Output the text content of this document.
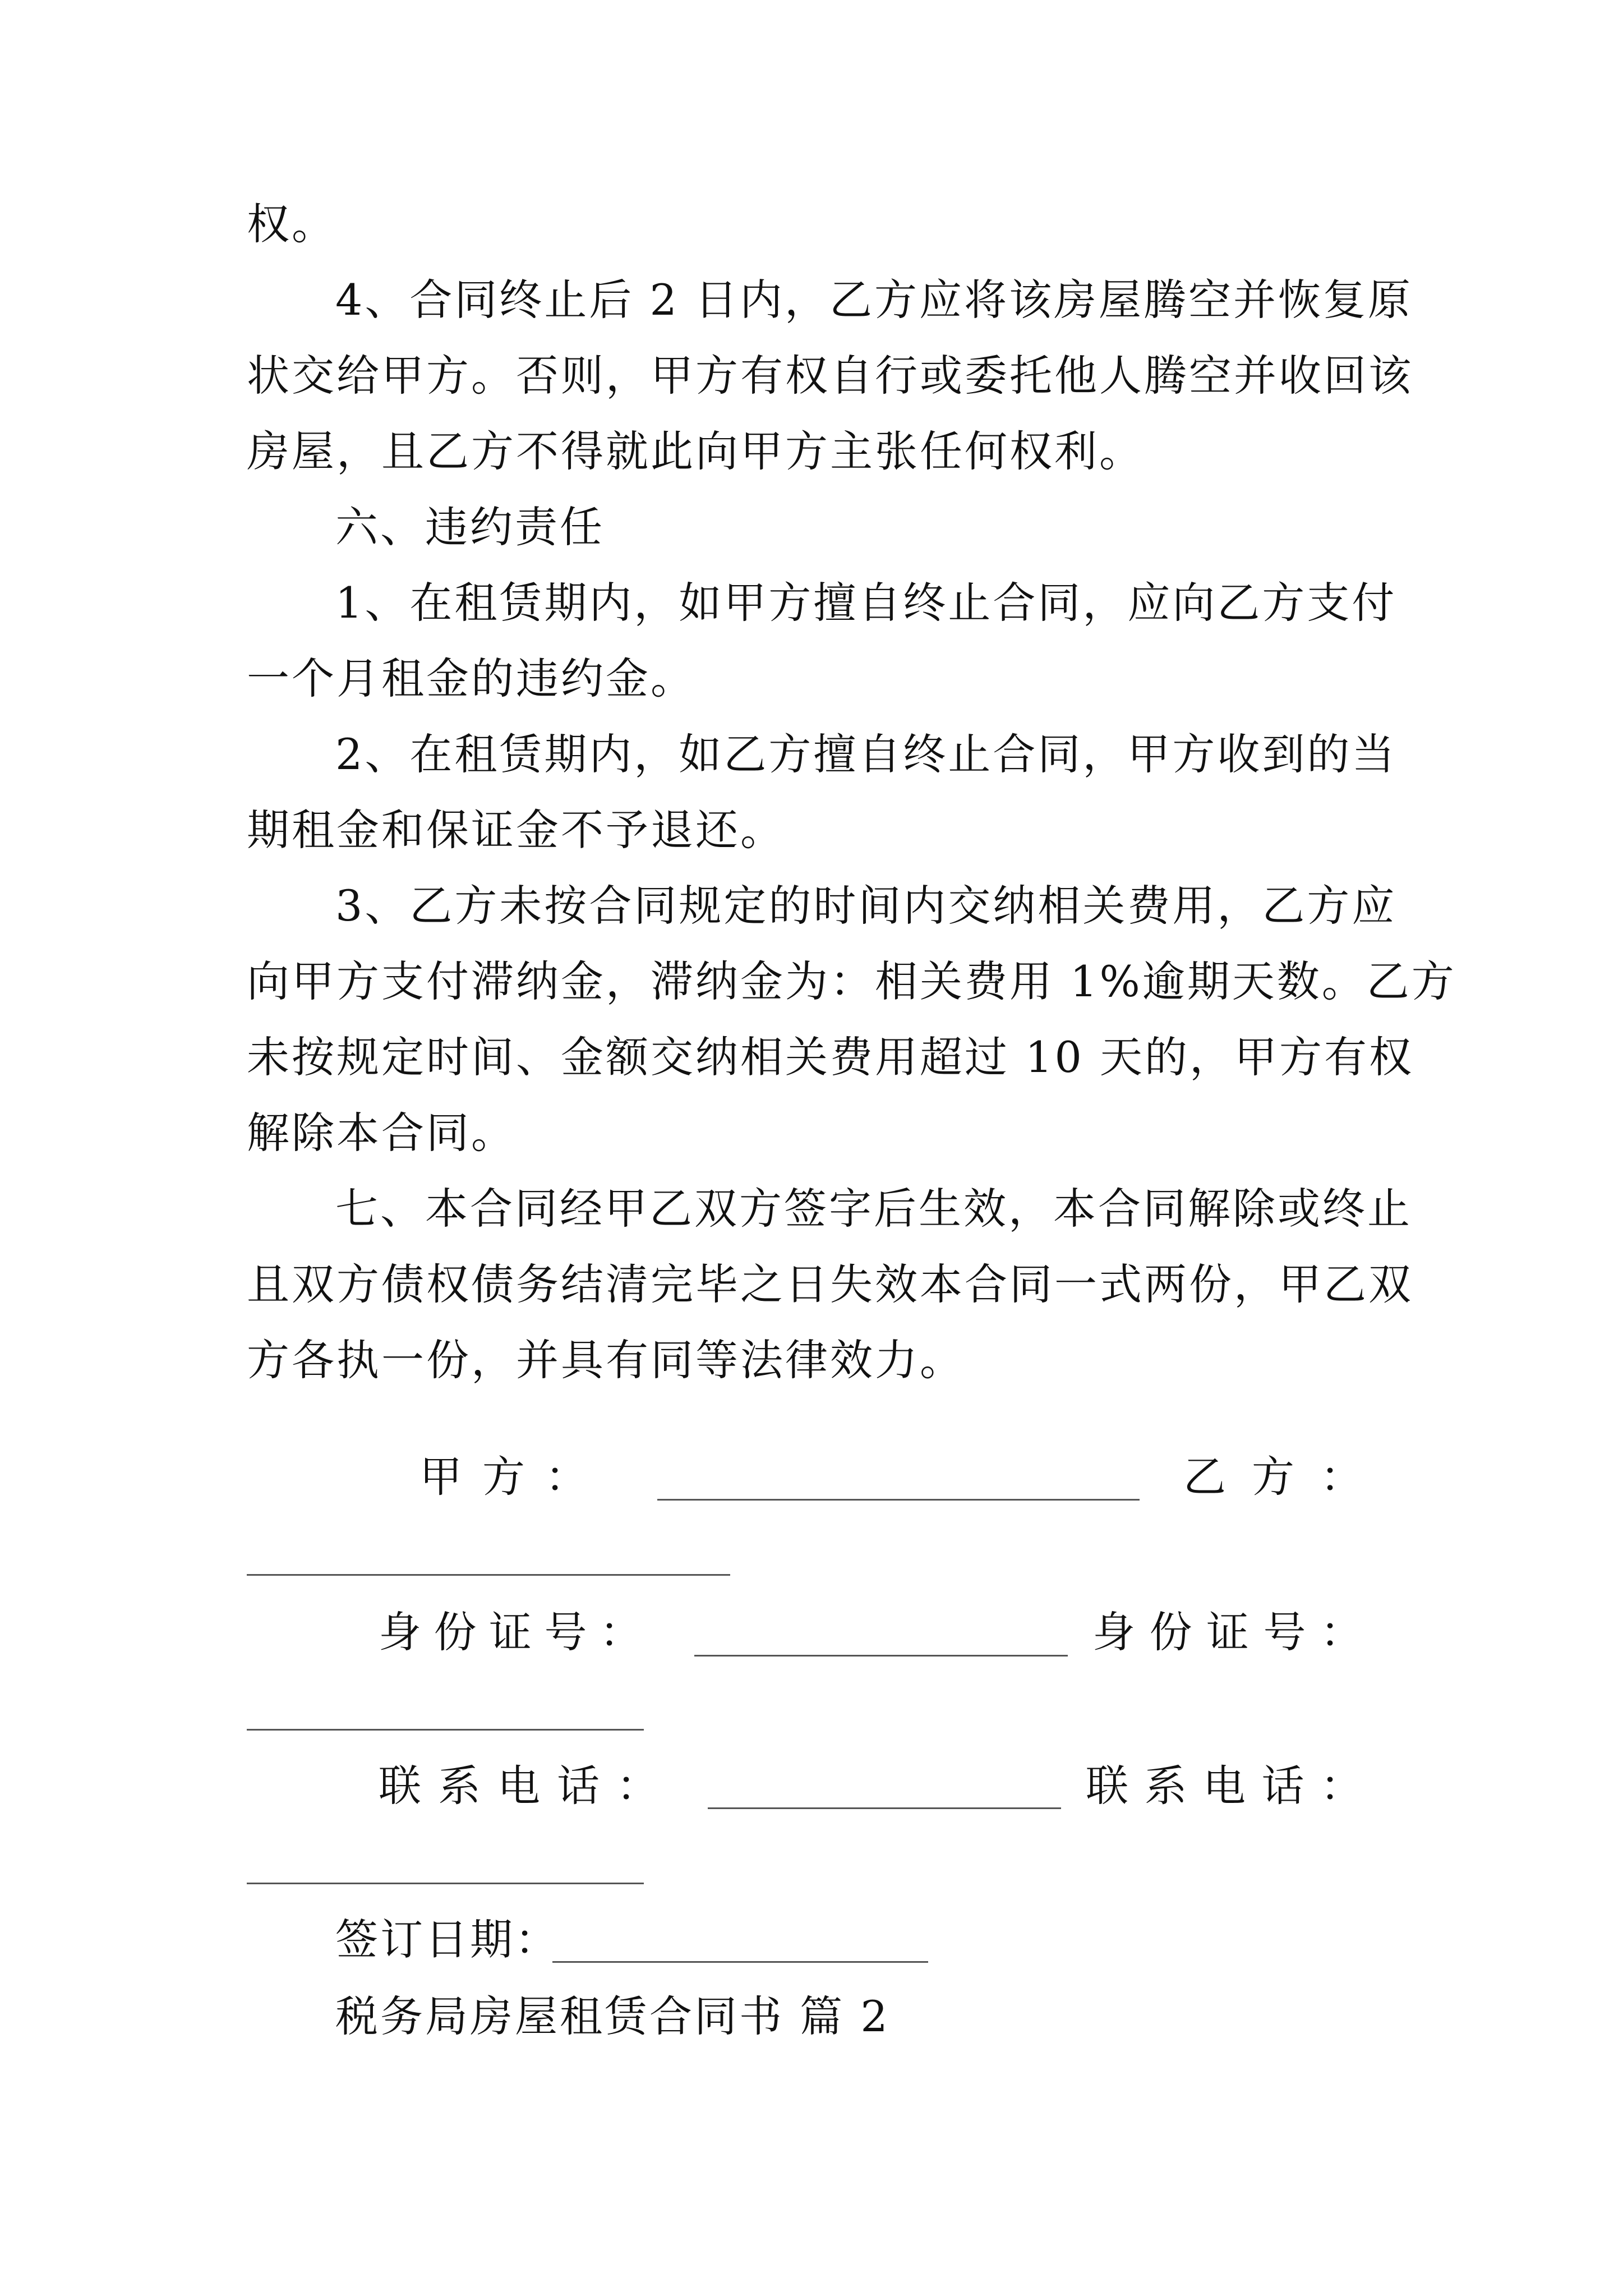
权。
4、合同终止后 2 日内，乙方应将该房屋腾空并恢复原
状交给甲方。否则，甲方有权自行或委托他人腾空并收回该
房屋，且乙方不得就此向甲方主张任何权利。
六、违约责任
1、在租赁期内，如甲方擅自终止合同，应向乙方支付
一个月租金的违约金。
2、在租赁期内，如乙方擅自终止合同，甲方收到的当
期租金和保证金不予退还。
3、乙方未按合同规定的时间内交纳相关费用，乙方应
向甲方支付滞纳金，滞纳金为：相关费用 1%逾期天数。乙方
未按规定时间、金额交纳相关费用超过 10 天的，甲方有权
解除本合同。
七、本合同经甲乙双方签字后生效，本合同解除或终止
且双方债权债务结清完毕之日失效本合同一式两份，甲乙双
方各执一份，并具有同等法律效力。
甲方：	乙方：
身份证号：	身份证号：
联系电话：	联系电话：
签订日期：
税务局房屋租赁合同书 篇 2
